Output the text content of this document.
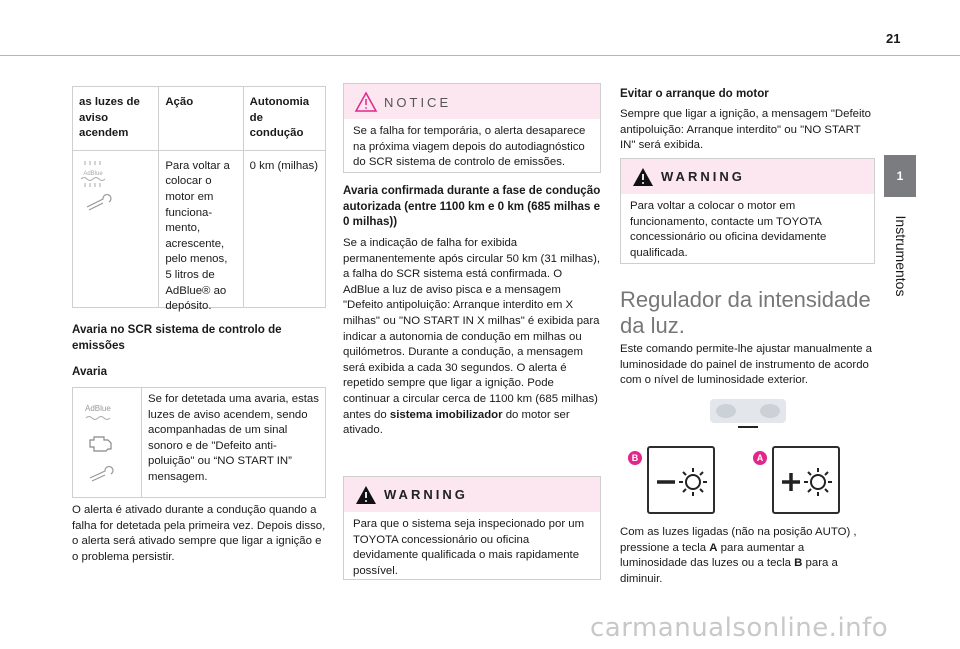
21
1
Instrumentos
as luzes de aviso acendem
Ação	Autonomia de condução
AdBlue
Para voltar a colocar o motor em funciona-mento, acrescente, pelo menos, 5 litros de AdBlue® ao depósito.
0 km (milhas)
Avaria no SCR sistema de controlo de emissões
Avaria
AdBlue
Se for detetada uma avaria, estas luzes de aviso acendem, sendo acompanhadas de um sinal sonoro e de "Defeito anti-poluição" ou “NO START IN” mensagem.

O alerta é ativado durante a condução quando a falha for detetada pela primeira vez. Depois disso, o alerta será ativado sempre que ligar a ignição e o problema persistir.

NOTICE
Se a falha for temporária, o alerta desaparece na próxima viagem depois do autodiagnóstico do SCR sistema de controlo de emissões.
Avaria confirmada durante a fase de condução autorizada (entre 1100 km e 0 km (685 milhas e 0 milhas))

Se a indicação de falha for exibida permanentemente após circular 50 km (31 milhas), a falha do SCR sistema está confirmada. O AdBlue a luz de aviso pisca e a mensagem "Defeito antipoluição: Arranque interdito em X milhas" ou "NO START IN X milhas" é exibida para indicar a autonomia de condução em milhas ou quilómetros. Durante a condução, a mensagem será exibida a cada 30 segundos. O alerta é repetido sempre que ligar a ignição. Pode continuar a circular cerca de 1100 km (685 milhas) antes do sistema imobilizador do motor ser ativado.

WARNING
Para que o sistema seja inspecionado por um TOYOTA concessionário ou oficina devidamente qualificada o mais rapidamente possível.
Evitar o arranque do motor

Sempre que ligar a ignição, a mensagem "Defeito antipoluição: Arranque interdito" ou "NO START IN" será exibida.

WARNING
Para voltar a colocar o motor em funcionamento, contacte um TOYOTA concessionário ou oficina devidamente qualificada.
Regulador da intensidade da luz.

Este comando permite-lhe ajustar manualmente a luminosidade do painel de instrumento de acordo com o nível de luminosidade exterior.

B	A

Com as luzes ligadas (não na posição AUTO) , pressione a tecla A para aumentar a luminosidade das luzes ou a tecla B para a diminuir.

carmanualsonline.info
